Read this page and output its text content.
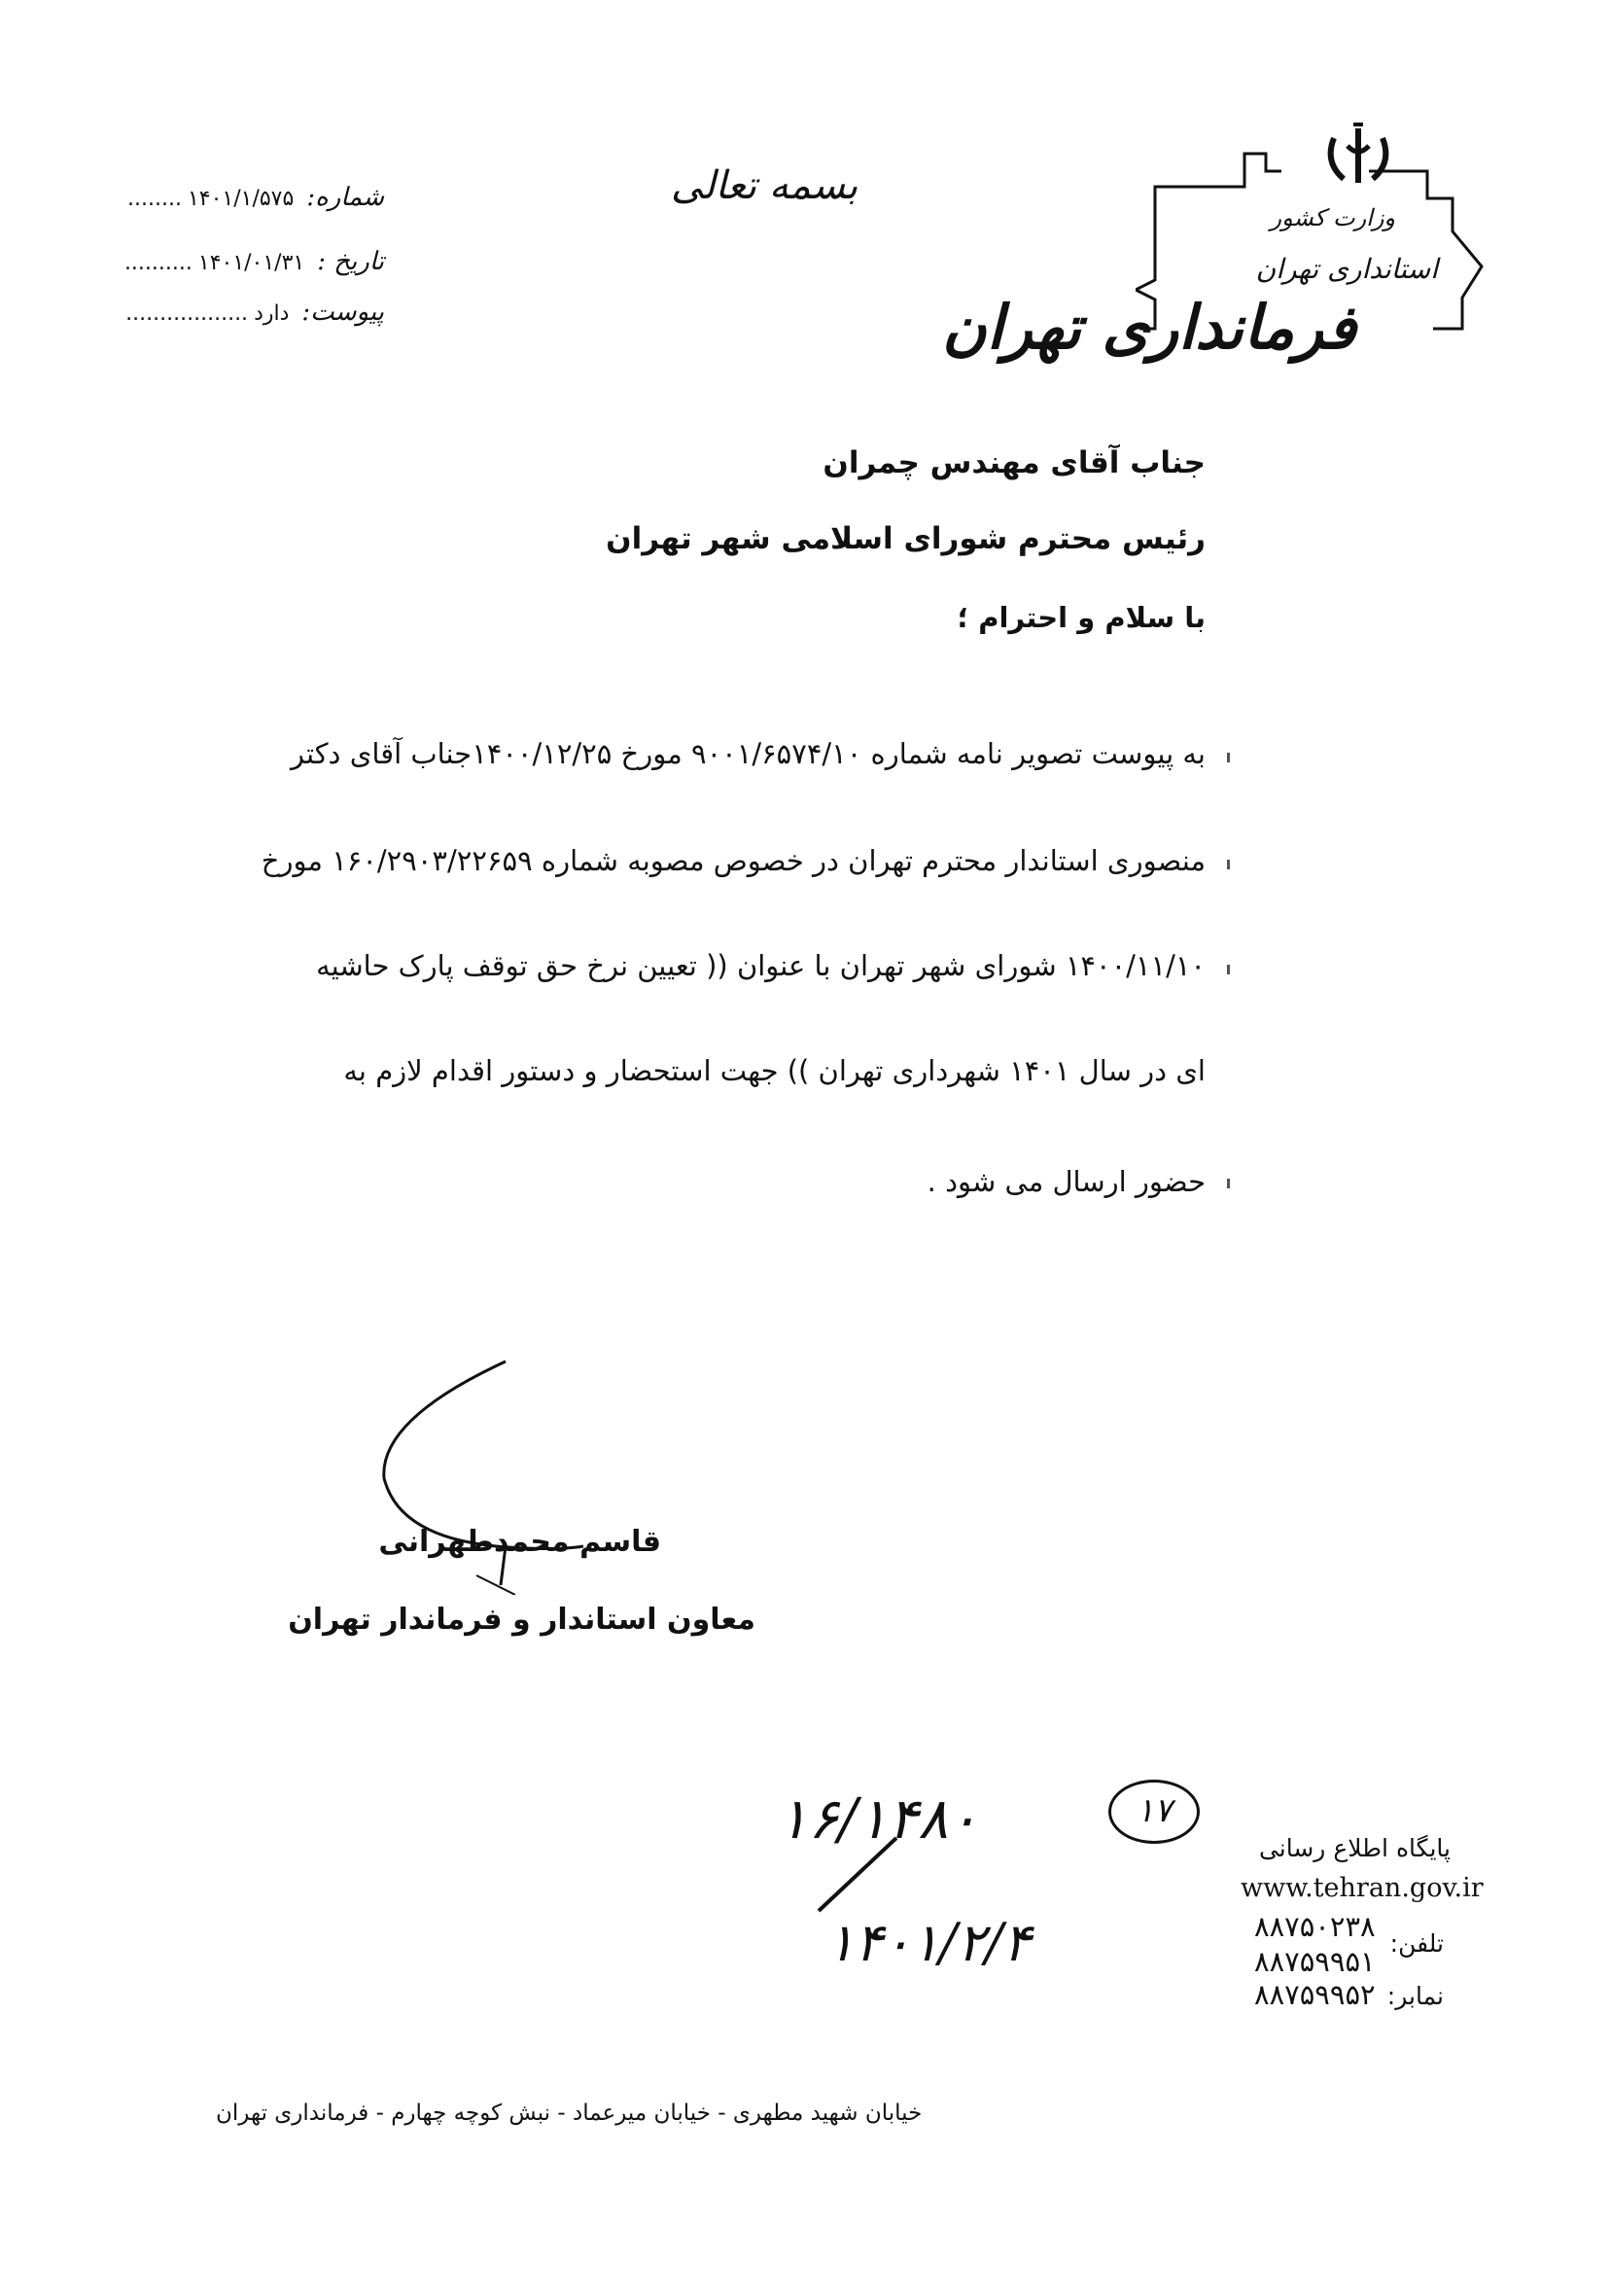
بسمه تعالی
شماره: ۱۴۰۱/۱/۵۷۵........
تاریخ : ۱۴۰۱/۰۱/۳۱..........
پیوست: دارد..................
وزارت کشور
استانداری تهران
فرمانداری تهران
جناب آقای مهندس چمران
رئیس محترم شورای اسلامی شهر تهران
با سلام و احترام ؛
به پیوست تصویر نامه شماره ۹۰۰۱/۶۵۷۴/۱۰ مورخ ۱۴۰۰/۱۲/۲۵جناب آقای دکتر
منصوری استاندار محترم تهران در خصوص مصوبه شماره ۱۶۰/۲۹۰۳/۲۲۶۵۹ مورخ
۱۴۰۰/۱۱/۱۰ شورای شهر تهران با عنوان (( تعیین نرخ حق توقف پارک حاشیه
ای در سال ۱۴۰۱ شهرداری تهران )) جهت استحضار و دستور اقدام لازم به
حضور ارسال می شود .
قاسم محمدطهرانی
معاون استاندار و فرماندار تهران
۱۶/۱۴۸۰
۱۴۰۱/۲/۴
۱۷
پایگاه اطلاع رسانی
www.tehran.gov.ir
تلفن:
۸۸۷۵۰۲۳۸
۸۸۷۵۹۹۵۱
نمابر:
۸۸۷۵۹۹۵۲
خیابان شهید مطهری - خیابان میرعماد - نبش کوچه چهارم - فرمانداری تهران
